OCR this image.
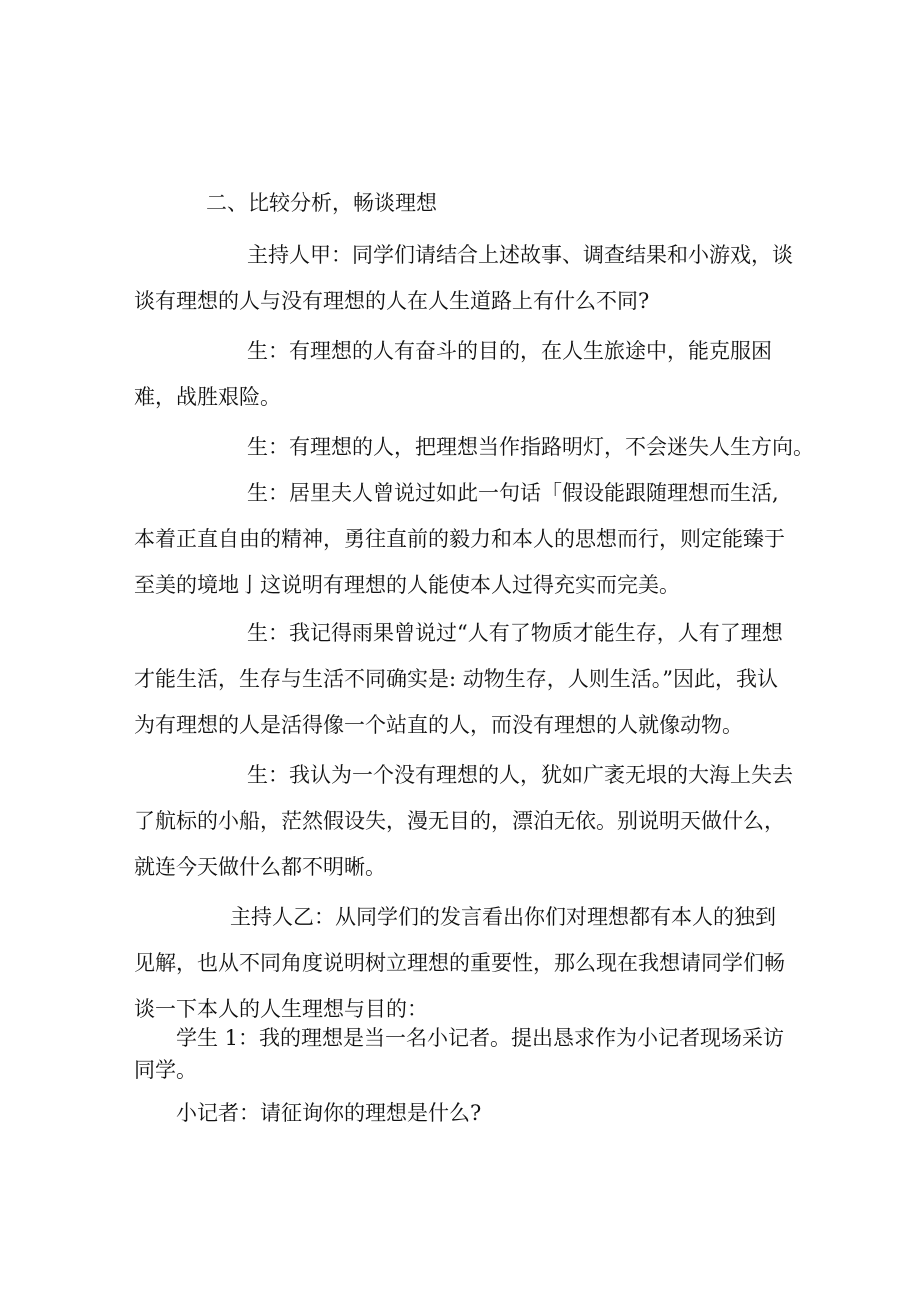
二、比较分析，畅谈理想

主持人甲：同学们请结合上述故事、调查结果和小游戏，谈谈有理想的人与没有理想的人在人生道路上有什么不同?

生：有理想的人有奋斗的目的，在人生旅途中，能克服困难，战胜艰险。

生：有理想的人，把理想当作指路明灯，不会迷失人生方向。

生：居里夫人曾说过如此一句话「假设能跟随理想而生活,本着正直自由的精神，勇往直前的毅力和本人的思想而行，则定能臻于至美的境地亅这说明有理想的人能使本人过得充实而完美。

生：我记得雨果曾说过“人有了物质才能生存，人有了理想才能生活，生存与生活不同确实是: 动物生存，人则生活。”因此，我认为有理想的人是活得像一个站直的人，而没有理想的人就像动物。

生：我认为一个没有理想的人，犹如广袤无垠的大海上失去了航标的小船，茫然假设失，漫无目的，漂泊无依。别说明天做什么，就连今天做什么都不明晰。

主持人乙：从同学们的发言看出你们对理想都有本人的独到见解，也从不同角度说明树立理想的重要性，那么现在我想请同学们畅谈一下本人的人生理想与目的：

学生 1：我的理想是当一名小记者。提出恳求作为小记者现场采访同学。

小记者：请征询你的理想是什么?
